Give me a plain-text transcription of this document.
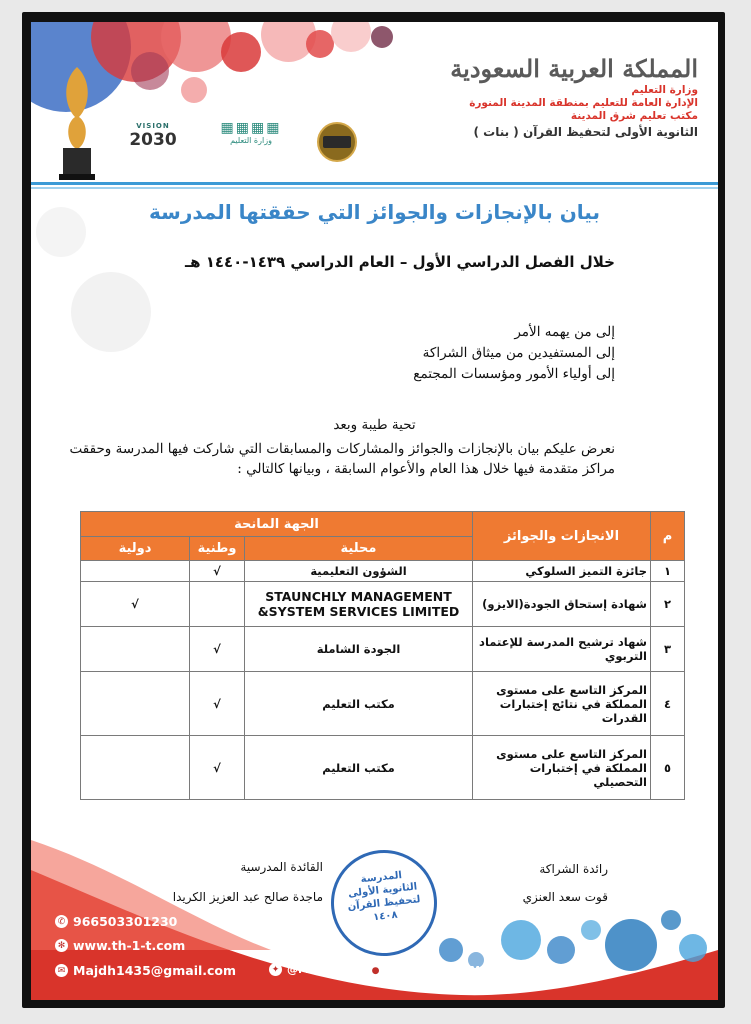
VISION
2030
▦▦▦▦
وزارة التعليم
المملكة العربية السعودية
وزارة التعليم
الإدارة العامة للتعليم بمنطقة المدينة المنورة
مكتب تعليم شرق المدينة
الثانوية الأولى لتحفيظ القرآن ( بنات )
بيان بالإنجازات والجوائز التي حققتها المدرسة
خلال الفصل الدراسي الأول – العام الدراسي ١٤٣٩-١٤٤٠ هـ
إلى من يهمه الأمر
إلى المستفيدين من ميثاق الشراكة
إلى أولياء الأمور ومؤسسات المجتمع
تحية طيبة وبعد
نعرض عليكم بيان بالإنجازات والجوائز والمشاركات والمسابقات التي شاركت فيها المدرسة وحققت مراكز متقدمة فيها خلال هذا العام والأعوام السابقة ، وبيانها كالتالي :
م	الانجازات والجوائز	الجهة المانحة		
		محلية	وطنية	دولية
١	جائزة التميز السلوكي	الشؤون التعليمية	√	
٢	شهادة إستحاق الجودة(الايزو)	STAUNCHLY MANAGEMENT &SYSTEM SERVICES LIMITED		√
٣	شهاد ترشيح المدرسة للإعتماد التربوي	الجودة الشاملة	√	
٤	المركز التاسع على مستوى المملكة في نتائج إختبارات القدرات	مكتب التعليم	√	
٥	المركز التاسع على مستوى المملكة في إختبارات التحصيلي	مكتب التعليم	√	
رائدة الشراكة
قوت سعد العنزي
القائدة المدرسية
ماجدة صالح عبد العزيز الكريدا
المدرسة
الثانوية الأولى لتحفيظ القرآن
١٤٠٨
✆ 966503301230
✻ www.th-1-t.com
✉ Majdh1435@gmail.com	✦ @M1TQK	● Saudi Arabia - Madina
